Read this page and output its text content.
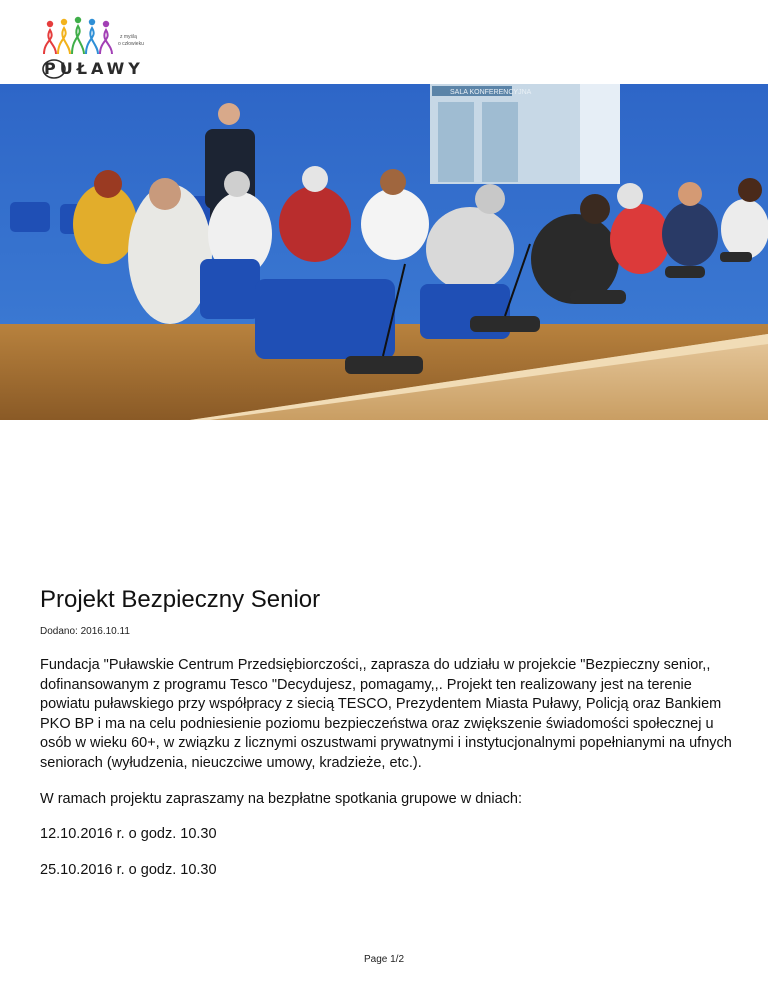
z myślą
o człowieku
PUŁAWY
SALA KONFERENCYJNA
Projekt Bezpieczny Senior
Dodano: 2016.10.11

Fundacja "Puławskie Centrum Przedsiębiorczości,, zaprasza do udziału w projekcie "Bezpieczny senior,, dofinansowanym z programu Tesco "Decydujesz, pomagamy,,. Projekt ten realizowany jest na terenie powiatu puławskiego przy współpracy z siecią TESCO, Prezydentem Miasta Puławy, Policją oraz Bankiem PKO BP i ma na celu podniesienie poziomu bezpieczeństwa oraz zwiększenie świadomości społecznej u osób w wieku 60+, w związku z licznymi oszustwami prywatnymi i instytucjonalnymi popełnianymi na ufnych seniorach (wyłudzenia, nieuczciwe umowy, kradzieże, etc.).

W ramach projektu zapraszamy na bezpłatne spotkania grupowe w dniach:

12.10.2016 r. o godz. 10.30

25.10.2016 r. o godz. 10.30

Page 1/2
